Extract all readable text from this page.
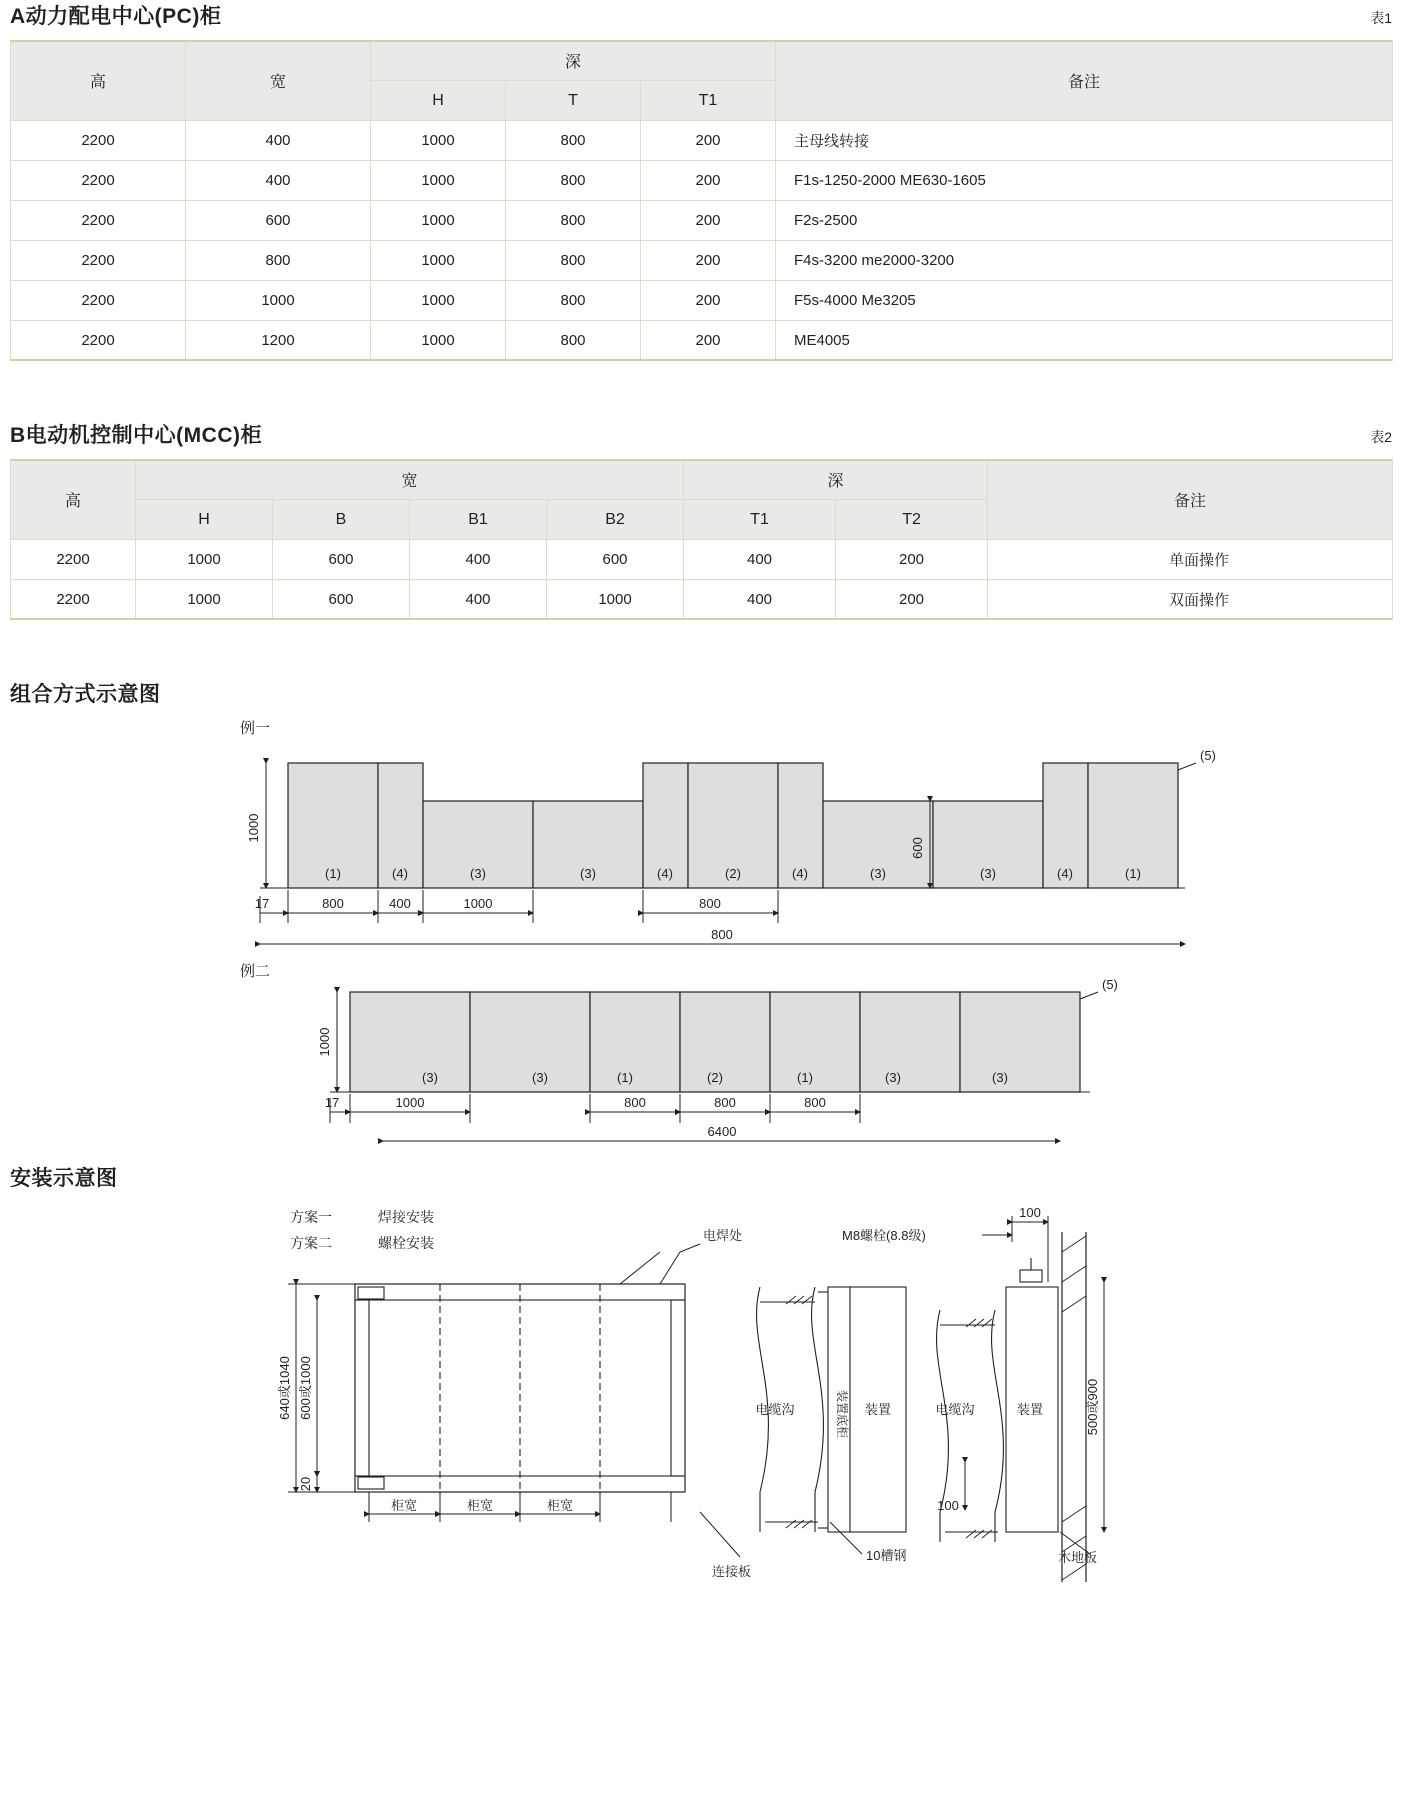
A动力配电中心(PC)柜	表1
高	宽	深			备注
		H	T	T1	
2200	400	1000	800	200	主母线转接
2200	400	1000	800	200	F1s-1250-2000 ME630-1605
2200	600	1000	800	200	F2s-2500
2200	800	1000	800	200	F4s-3200 me2000-3200
2200	1000	1000	800	200	F5s-4000 Me3205
2200	1200	1000	800	200	ME4005
B电动机控制中心(MCC)柜	表2
高	宽				深		备注
	H	B	B1	B2	T1	T2	
2200	1000	600	400	600	400	200	单面操作
2200	1000	600	400	1000	400	200	双面操作
组合方式示意图
例一
(1)	(4)	(3)	(3)	(4)	(2)	(4)	(3)	(3)	(4)	(1)
1000
600
(5)
17	800	400	1000	800
800
例二
(3)	(3)	(1)	(2)	(1)	(3)	(3)
1000
(5)
17	1000	800	800	800
6400
安装示意图
方案一	焊接安装
方案二	螺栓安装
640或1040 600或1000
20
柜宽	柜宽	柜宽
电焊处
连接板
电缆沟	装置底柜 装置
10槽钢
电缆沟	装置
M8螺栓(8.8级)
100
500或900
100
木地板
